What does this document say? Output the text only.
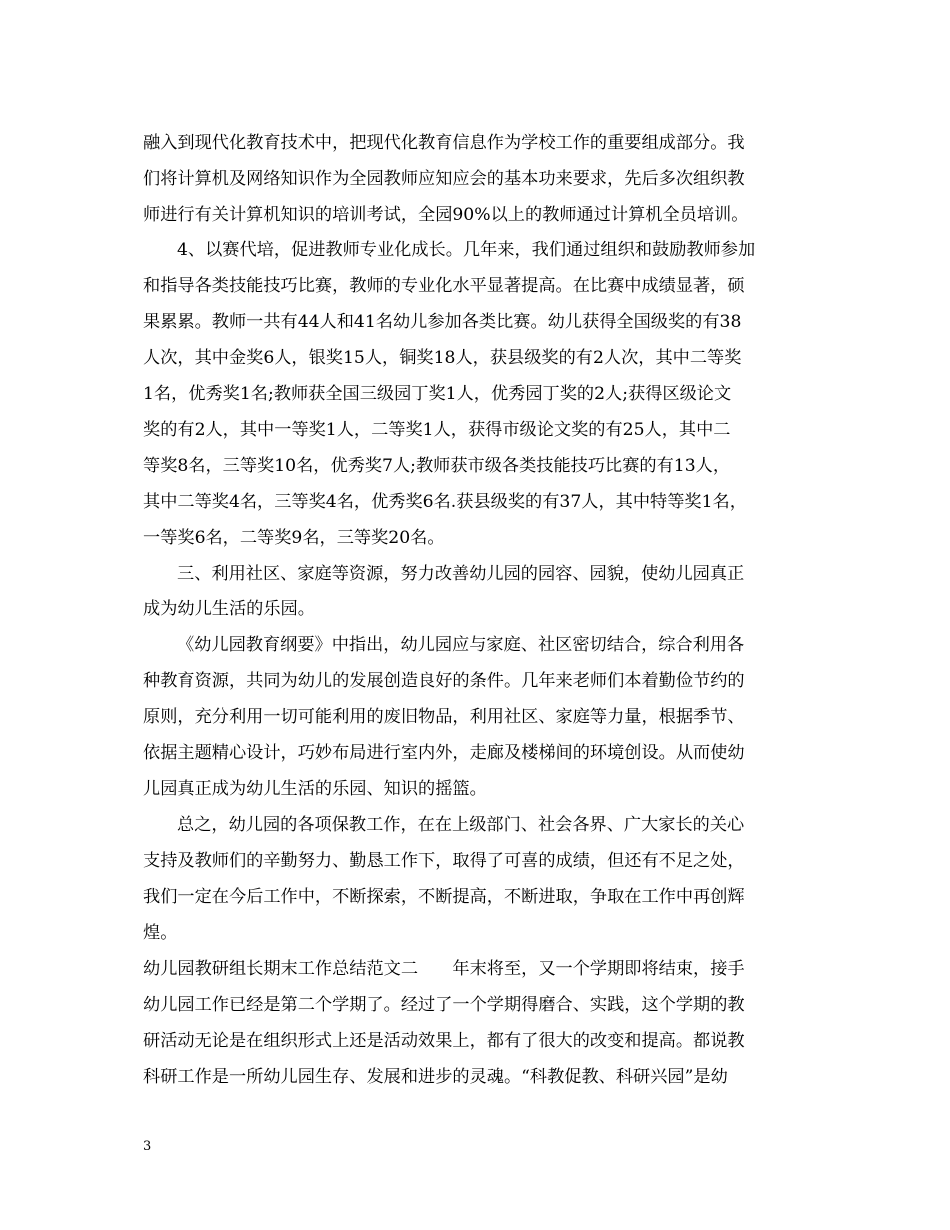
融入到现代化教育技术中，把现代化教育信息作为学校工作的重要组成部分。我
们将计算机及网络知识作为全园教师应知应会的基本功来要求，先后多次组织教
师进行有关计算机知识的培训考试，全园90%以上的教师通过计算机全员培训。
4、以赛代培，促进教师专业化成长。几年来，我们通过组织和鼓励教师参加
和指导各类技能技巧比赛，教师的专业化水平显著提高。在比赛中成绩显著，硕
果累累。教师一共有44人和41名幼儿参加各类比赛。幼儿获得全国级奖的有38
人次，其中金奖6人，银奖15人，铜奖18人，获县级奖的有2人次，其中二等奖
1名，优秀奖1名;教师获全国三级园丁奖1人，优秀园丁奖的2人;获得区级论文
奖的有2人，其中一等奖1人，二等奖1人，获得市级论文奖的有25人，其中二
等奖8名，三等奖10名，优秀奖7人;教师获市级各类技能技巧比赛的有13人，
其中二等奖4名，三等奖4名，优秀奖6名.获县级奖的有37人，其中特等奖1名，
一等奖6名，二等奖9名，三等奖20名。
三、利用社区、家庭等资源，努力改善幼儿园的园容、园貌，使幼儿园真正
成为幼儿生活的乐园。
《幼儿园教育纲要》中指出，幼儿园应与家庭、社区密切结合，综合利用各
种教育资源，共同为幼儿的发展创造良好的条件。几年来老师们本着勤俭节约的
原则，充分利用一切可能利用的废旧物品，利用社区、家庭等力量，根据季节、
依据主题精心设计，巧妙布局进行室内外，走廊及楼梯间的环境创设。从而使幼
儿园真正成为幼儿生活的乐园、知识的摇篮。
总之，幼儿园的各项保教工作，在在上级部门、社会各界、广大家长的关心
支持及教师们的辛勤努力、勤恳工作下，取得了可喜的成绩，但还有不足之处，
我们一定在今后工作中，不断探索，不断提高，不断进取，争取在工作中再创辉
煌。
幼儿园教研组长期末工作总结范文二　　年末将至，又一个学期即将结束，接手
幼儿园工作已经是第二个学期了。经过了一个学期得磨合、实践，这个学期的教
研活动无论是在组织形式上还是活动效果上，都有了很大的改变和提高。都说教
科研工作是一所幼儿园生存、发展和进步的灵魂。“科教促教、科研兴园”是幼
3
